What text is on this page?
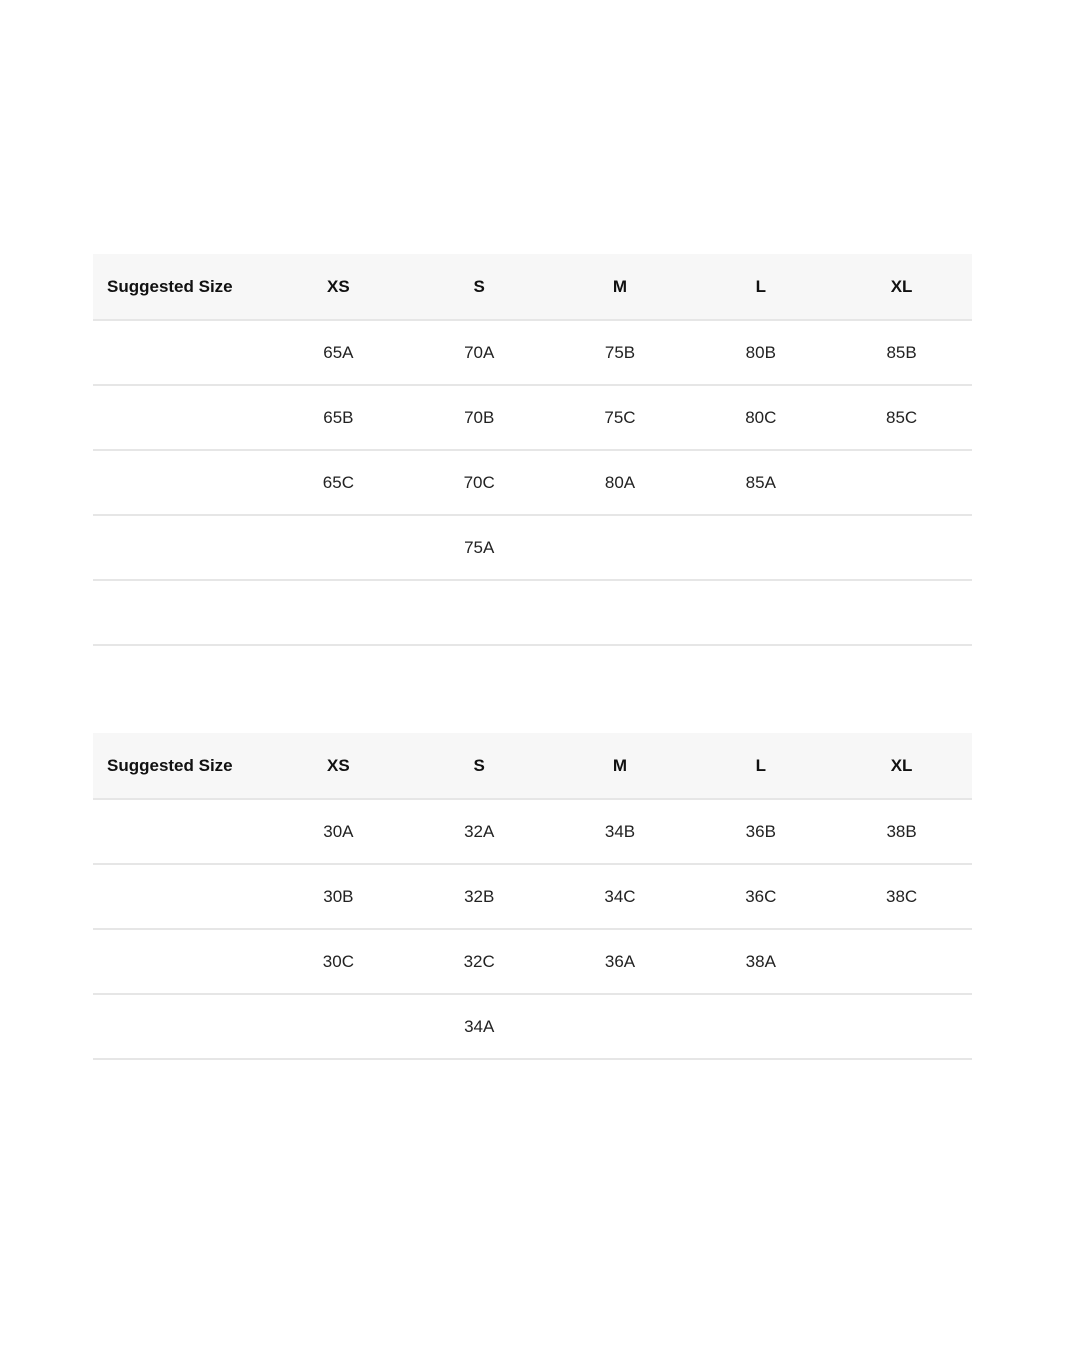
Suggested Size	XS	S	M	L	XL
	65A	70A	75B	80B	85B
	65B	70B	75C	80C	85C
	65C	70C	80A	85A	
		75A			

Suggested Size	XS	S	M	L	XL
	30A	32A	34B	36B	38B
	30B	32B	34C	36C	38C
	30C	32C	36A	38A	
		34A			
